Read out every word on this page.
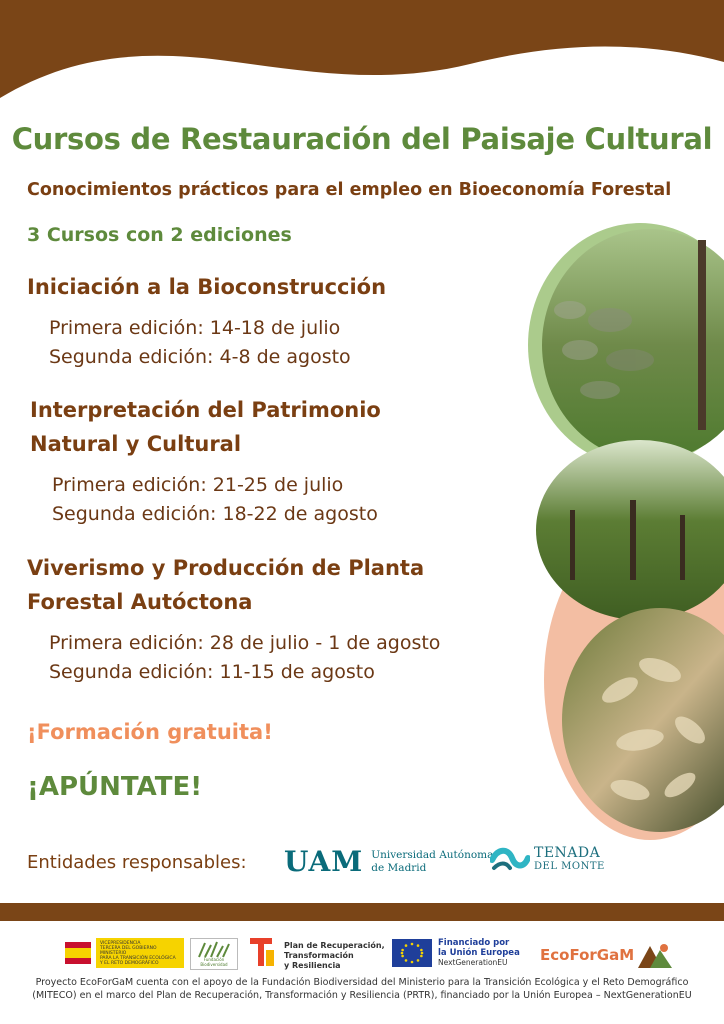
Cursos de Restauración del Paisaje Cultural

Conocimientos prácticos para el empleo en Bioeconomía Forestal

3 Cursos con 2 ediciones

Iniciación a la Bioconstrucción
Primera edición: 14-18 de julio
Segunda edición: 4-8 de agosto
Interpretación del Patrimonio
Natural y Cultural
Primera edición: 21-25 de julio
Segunda edición: 18-22 de agosto
Viverismo y Producción de Planta
Forestal Autóctona
Primera edición: 28 de julio - 1 de agosto
Segunda edición: 11-15 de agosto

¡Formación gratuita!

¡APÚNTATE!

Entidades responsables: UAM Universidad Autónoma
de Madrid
TENADA
DEL MONTE
VICEPRESIDENCIA
TERCERA DEL GOBIERNO
MINISTERIO
PARA LA TRANSICIÓN ECOLÓGICA
Y EL RETO DEMOGRÁFICO
Fundación Biodiversidad
Plan de Recuperación,
Transformación
y Resiliencia
Financiado por
la Unión Europea
NextGenerationEU	EcoForGaM
Proyecto EcoForGaM cuenta con el apoyo de la Fundación Biodiversidad del Ministerio para la Transición Ecológica y el Reto Demográfico
(MITECO) en el marco del Plan de Recuperación, Transformación y Resiliencia (PRTR), financiado por la Unión Europea – NextGenerationEU
